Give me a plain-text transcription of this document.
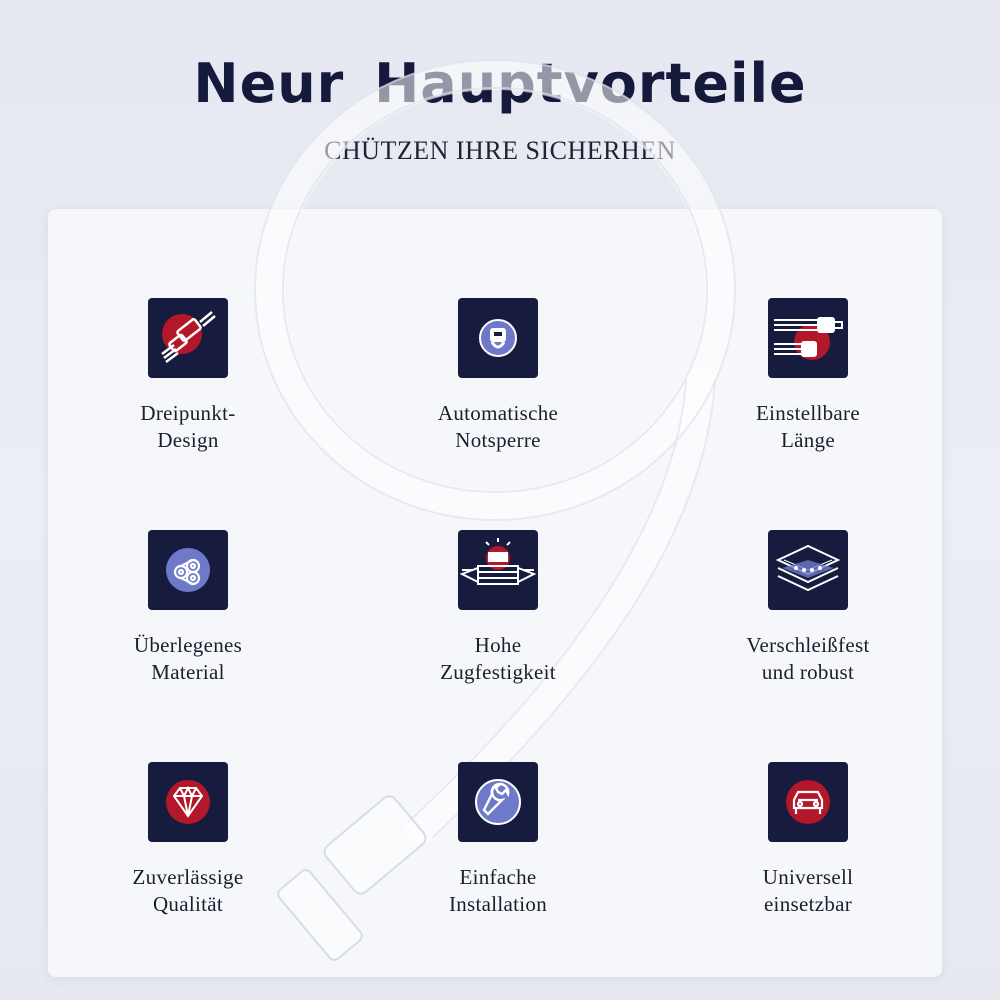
Neur Hauptvorteile
CHÜTZEN IHRE SICHERHEN
Dreipunkt-
Design
Automatische
Notsperre
Einstellbare
Länge
Überlegenes
Material
Hohe
Zugfestigkeit
Verschleißfest
und robust
Zuverlässige
Qualität
Einfache
Installation
Universell
einsetzbar
